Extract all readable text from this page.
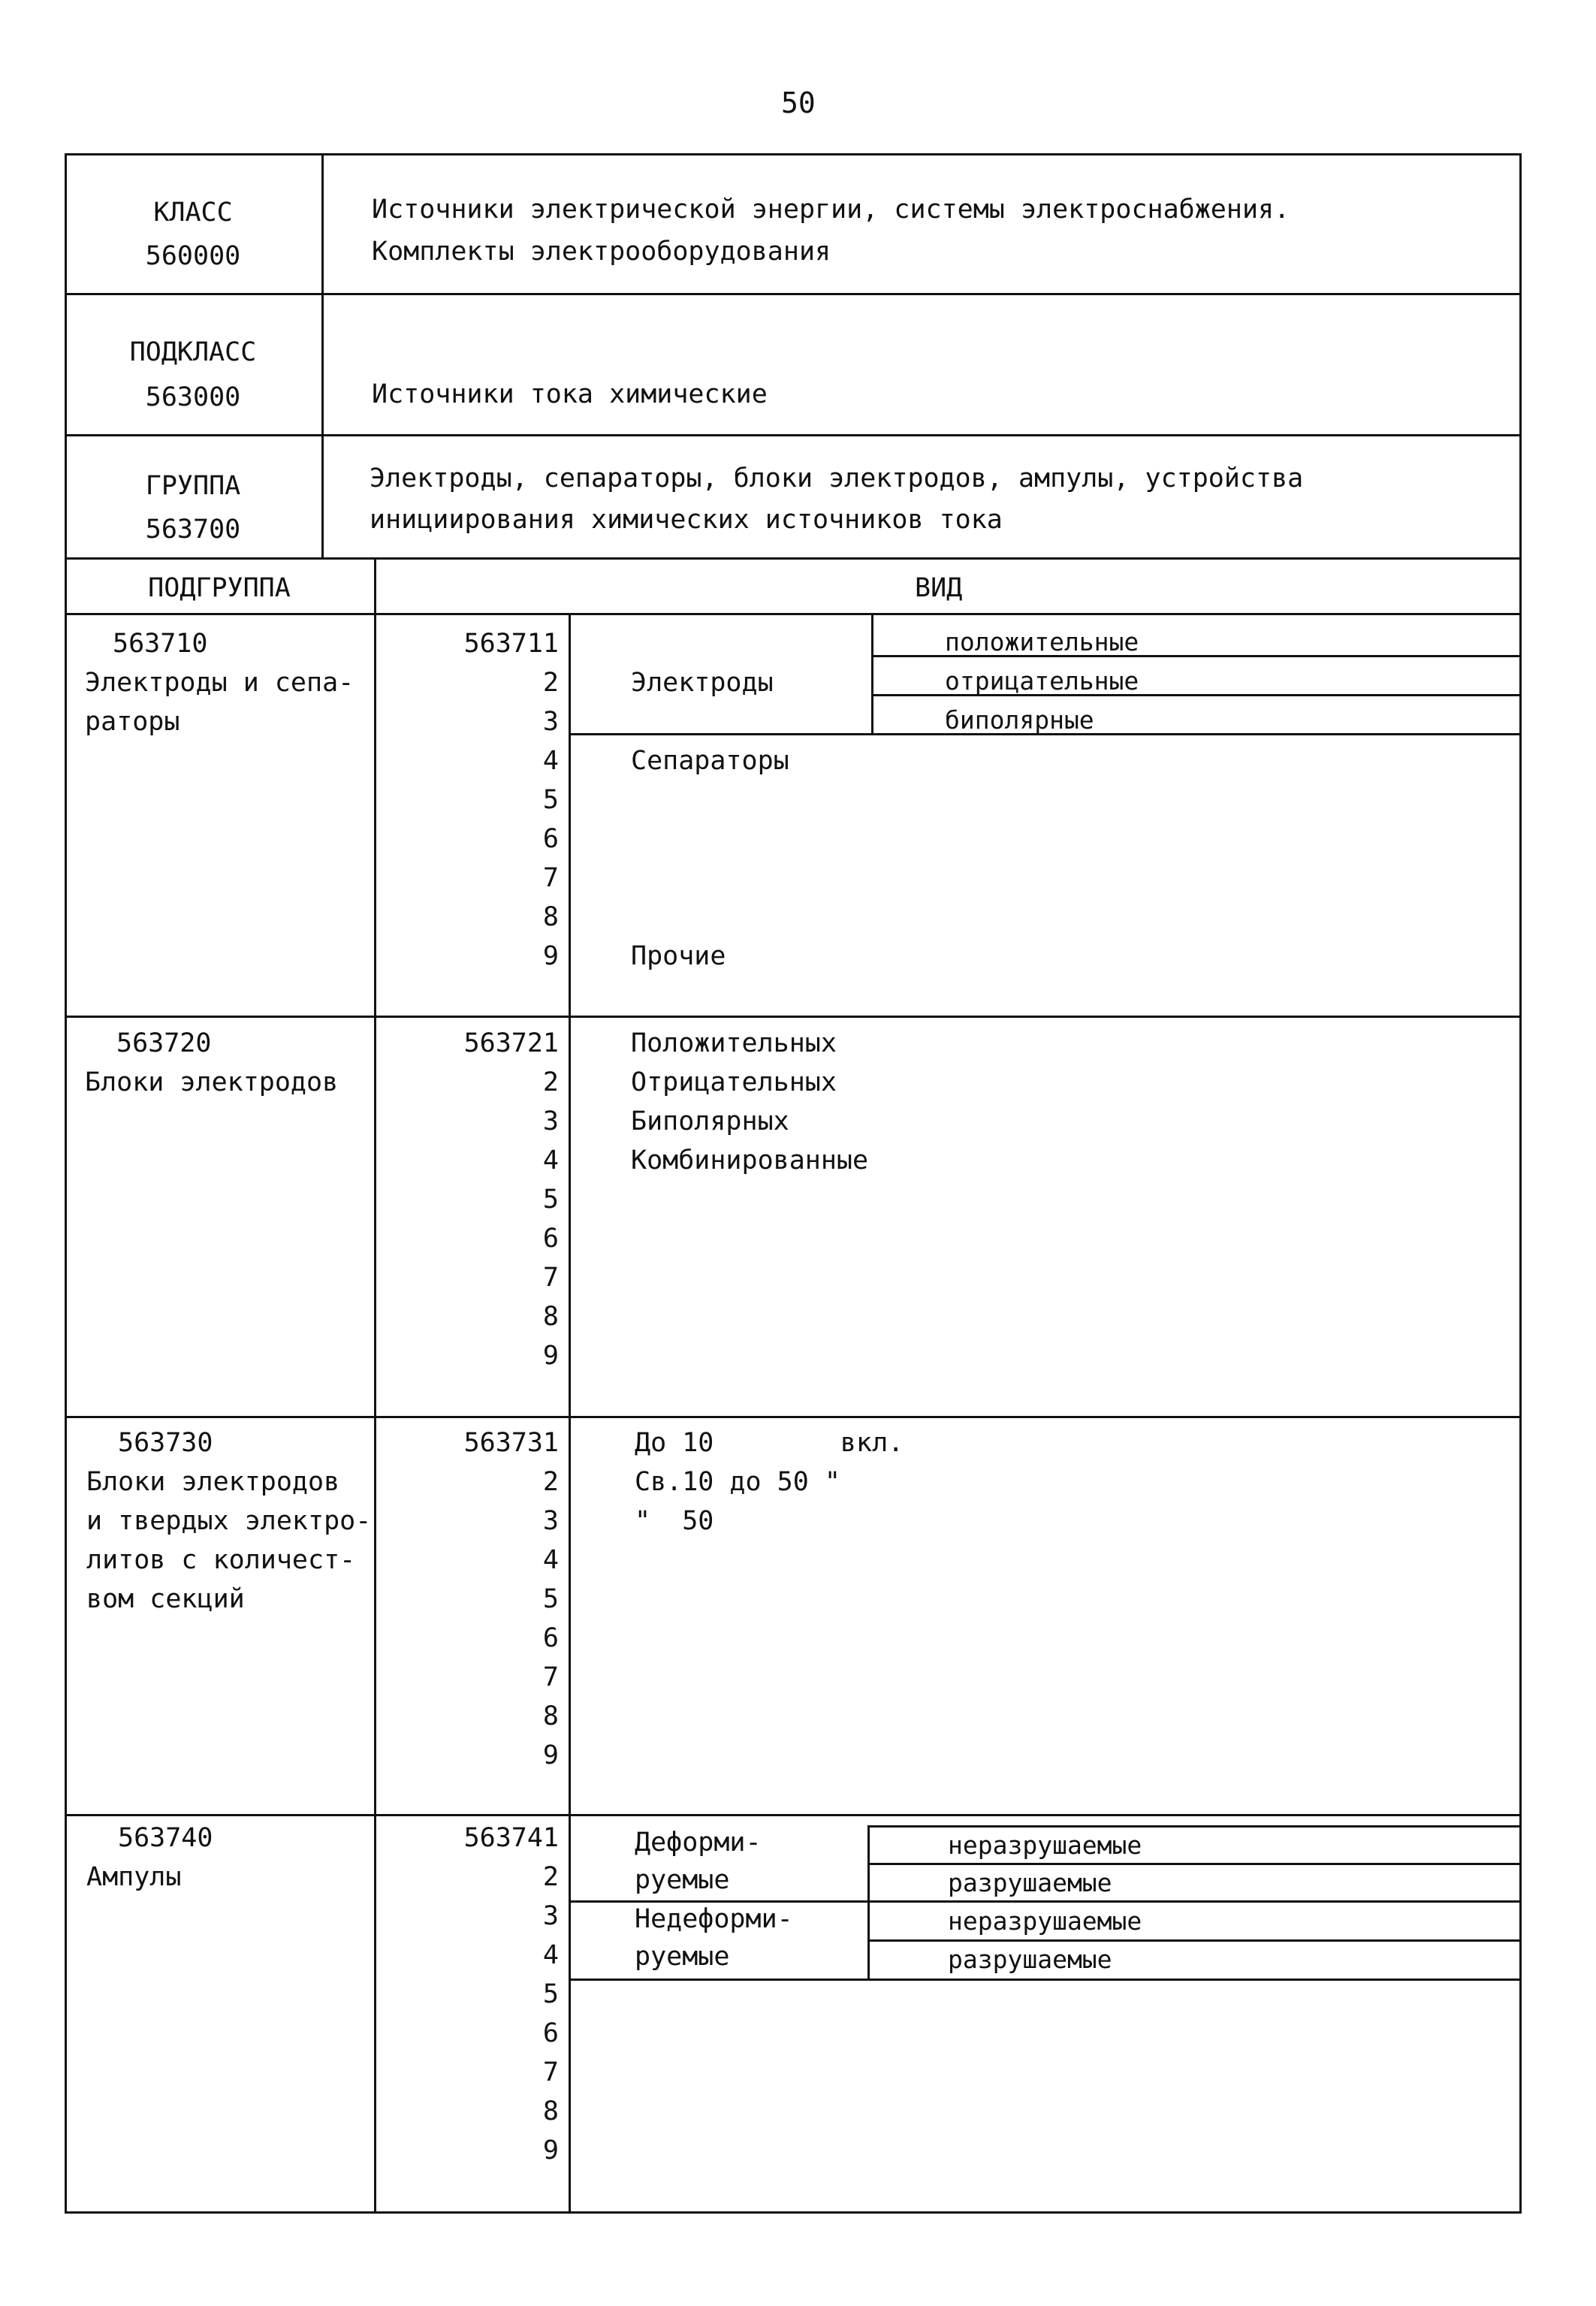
50
КЛАСС
560000
Источники электрической энергии, системы электроснабжения.
Комплекты электрооборудования
ПОДКЛАСС
563000	Источники тока химические
ГРУППА
563700
Электроды, сепараторы, блоки электродов, ампулы, устройства
инициирования химических источников тока
ПОДГРУППА	ВИД
563710
Электроды и сепа-
раторы
563711
2
3
4
5
6
7
8
9
Электроды
положительные
отрицательные
биполярные
Сепараторы
Прочие
563720
Блоки электродов
563721
2
3
4
5
6
7
8
9
Положительных
Отрицательных
Биполярных
Комбинированные
563730
Блоки электродов
и твердых электро-
литов с количест-
вом секций
563731
2
3
4
5
6
7
8
9
До 10        вкл.
Св.10 до 50 "
"  50
563740
Ампулы
563741
2
3
4
5
6
7
8
9
Деформи-
руемые
Недеформи-
руемые
неразрушаемые
разрушаемые
неразрушаемые
разрушаемые
